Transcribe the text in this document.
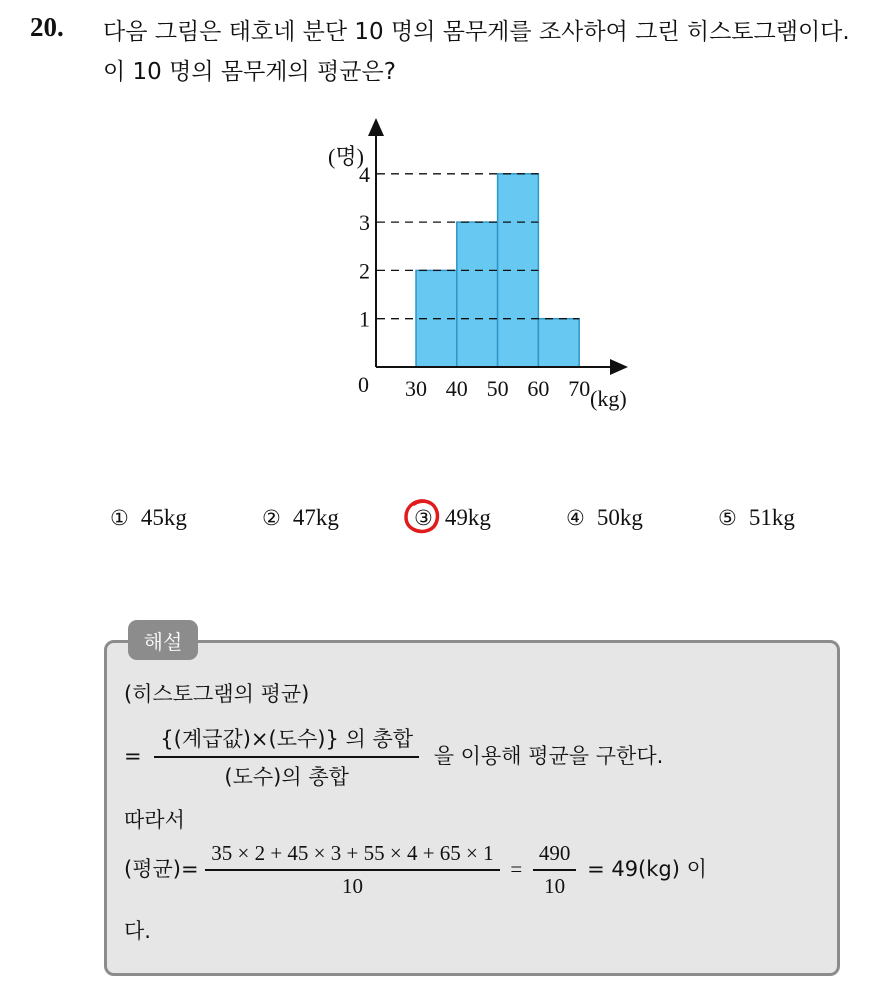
20. 다음 그림은 태호네 분단 10 명의 몸무게를 조사하여 그린 히스토그램이다. 이 10 명의 몸무게의 평균은?
(명)
(kg)
0 30 40 50 60 70
1
2
3
4
① 45kg	② 47kg	③ 49kg	④ 50kg	⑤ 51kg
해설
(히스토그램의 평균)
= $\frac{\text{\{(계급값)×(도수)\} 의 총합}}{\text{(도수)의 총합}}$ 을 이용해 평균을 구한다.
따라서
(평균)= $\frac{35 \times 2 + 45 \times 3 + 55 \times 4 + 65 \times 1}{10} = \frac{490}{10} = 49(kg)$ 이
다.
